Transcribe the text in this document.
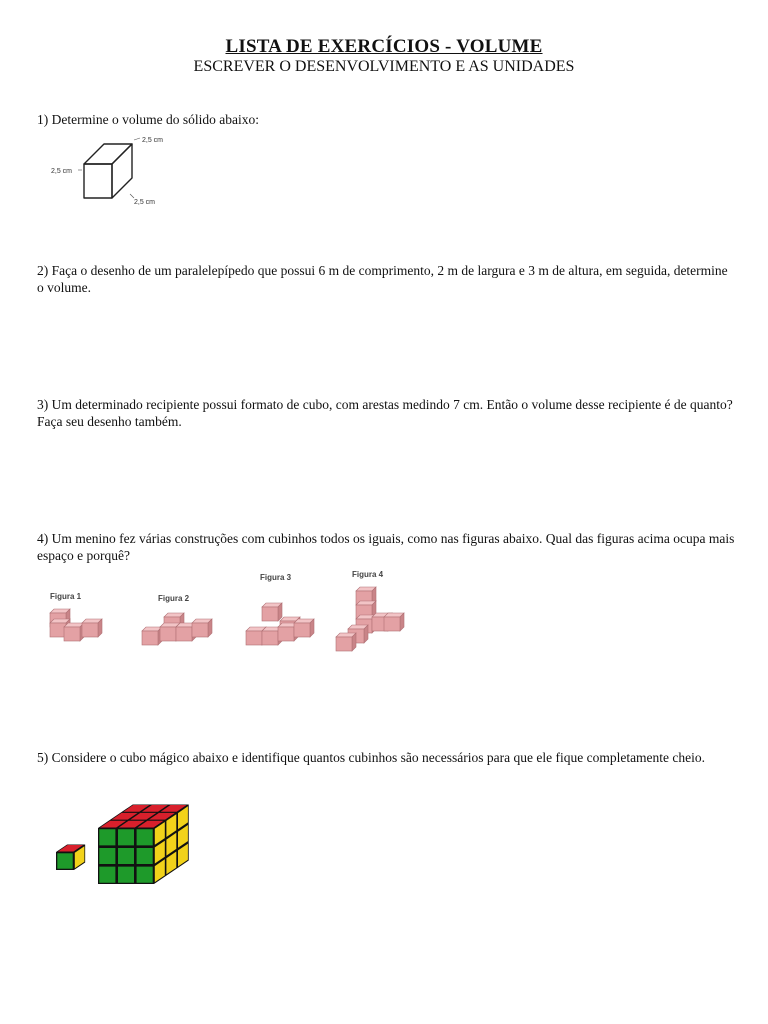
LISTA DE EXERCÍCIOS - VOLUME
ESCREVER O DESENVOLVIMENTO E AS UNIDADES
1) Determine o volume do sólido abaixo:
2,5 cm
2,5 cm
2,5 cm
2) Faça o desenho de um paralelepípedo que possui 6 m de comprimento, 2 m de largura e 3 m de altura, em seguida, determine o volume.
3) Um determinado recipiente possui formato de cubo, com arestas medindo 7 cm. Então o volume desse recipiente é de quanto? Faça seu desenho também.
4) Um menino fez várias construções com cubinhos todos os iguais, como nas figuras abaixo. Qual das figuras acima ocupa mais espaço e porquê?
Figura 1	Figura 2
Figura 3	Figura 4
5) Considere o cubo mágico abaixo e identifique quantos cubinhos são necessários para que ele fique completamente cheio.
